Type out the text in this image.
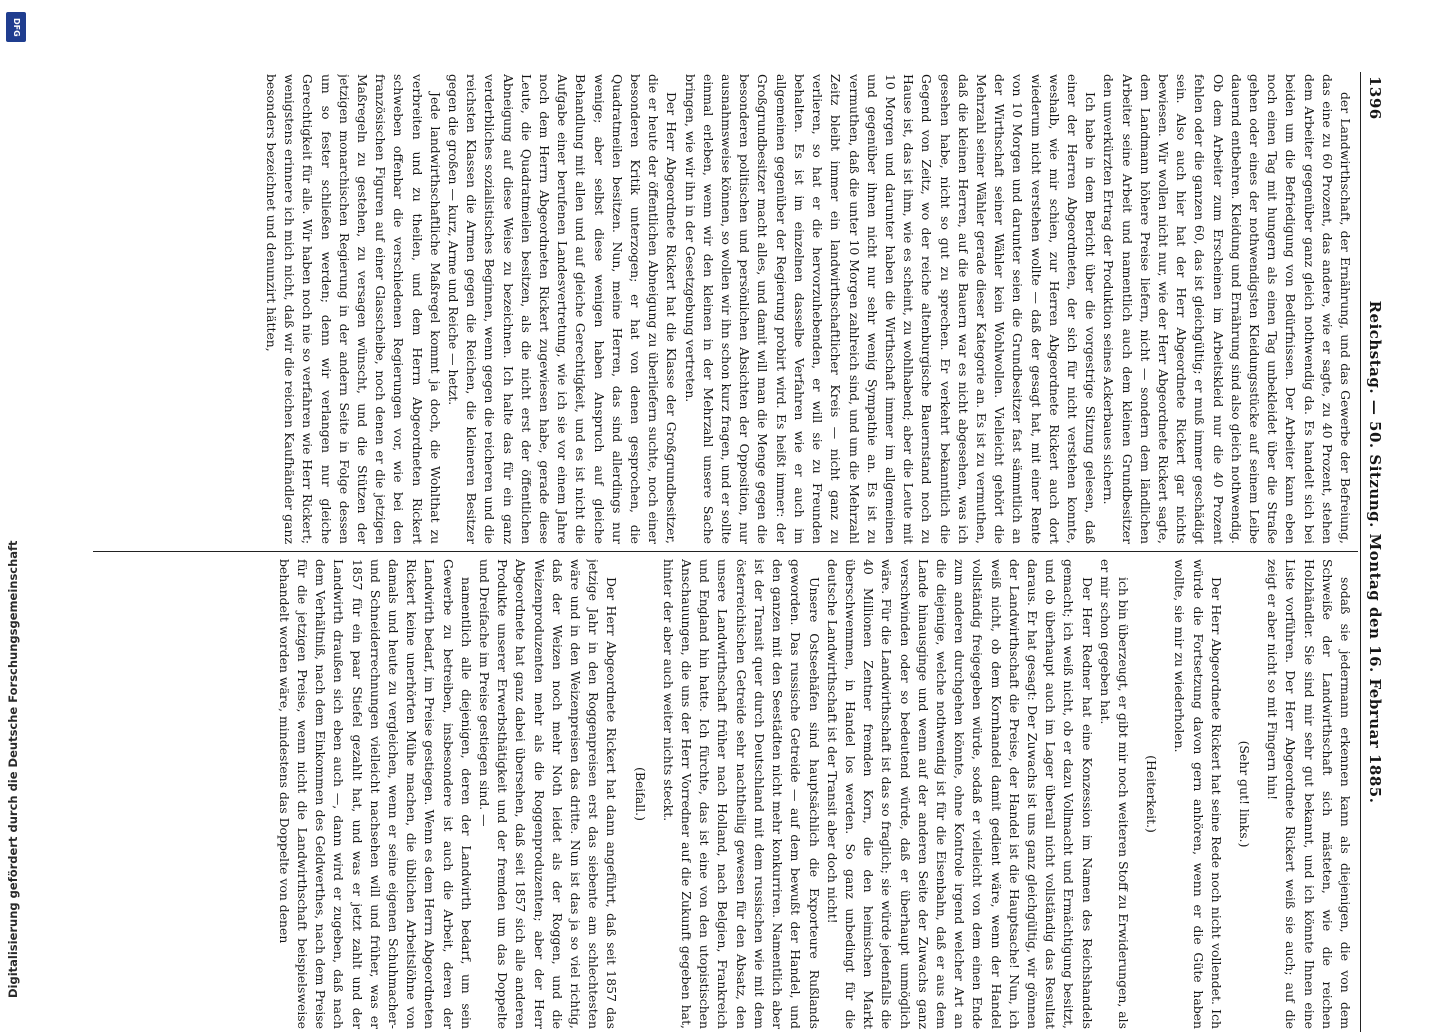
1396
Reichstag. — 50. Sitzung. Montag den 16. Februar 1885.

der Landwirthschaft, der Ernährung, und das Gewerbe der Befreiung, das eine zu 60 Prozent, das andere, wie er sagte, zu 40 Prozent, stehen dem Arbeiter gegenüber ganz gleich nothwendig da. Es handelt sich bei beiden um die Befriedigung von Bedürfnissen. Der Arbeiter kann eben noch einen Tag mit hungern als einen Tag unbekleidet über die Straße gehen oder eines der nothwendigsten Kleidungsstücke auf seinem Leibe dauernd entbehren. Kleidung und Ernährung sind also gleich nothwendig. Ob dem Arbeiter zum Erscheinen im Arbeitskleid nur die 40 Prozent fehlen oder die ganzen 60, das ist gleichgültig; er muß immer geschädigt sein. Also auch hier hat der Herr Abgeordnete Rickert gar nichts bewiesen. Wir wollen nicht nur, wie der Herr Abgeordnete Rickert sagte, dem Landmann höhere Preise liefern, nicht — sondern dem ländlichen Arbeiter seine Arbeit und namentlich auch dem kleinen Grundbesitzer den unverkürzten Ertrag der Produktion seines Ackerbaues sichern.

Ich habe in dem Bericht über die vorgestrige Sitzung gelesen, daß einer der Herren Abgeordneten, der sich für nicht verstehen konnte, weshalb, wie mir schien, zur Herren Abgeordnete Rickert auch dort wiederum nicht verstehen wollte — daß der gesagt hat, mit einer Rente von 10 Morgen und darunter seien die Grundbesitzer fast sämmtlich an der Wirthschaft seiner Wähler kein Wohlwollen. Vielleicht gehört die Mehrzahl seiner Wähler gerade dieser Kategorie an. Es ist zu vermuthen, daß die kleinen Herren, auf die Bauern war es nicht abgesehen, was ich gesehen habe, nicht so gut zu sprechen. Er verkehrt bekanntlich die Gegend von Zeitz, wo der reiche altenburgische Bauernstand noch zu Hause ist, das ist ihm, wie es scheint, zu wohlhabend; aber die Leute mit 10 Morgen und darunter haben die Wirthschaft immer im allgemeinen und gegenüber ihnen nicht nur sehr wenig Sympathie an. Es ist zu vermuthen, daß die unter 10 Morgen zahlreich sind, und um die Mehrzahl Zeitz bleibt immer ein landwirthschaftlicher Kreis — nicht ganz zu verlieren, so hat er die hervorzuhebenden, er will sie zu Freunden behalten. Es ist im einzelnen dasselbe Verfahren wie er auch im allgemeinen gegenüber der Regierung probirt wird. Es heißt immer: der Großgrundbesitzer macht alles, und damit will man die Menge gegen die besonderen politischen und persönlichen Absichten der Opposition, nur ausnahmsweise können, so wollen wir ihn schon kurz fragen, und er sollte einmal erleben, wenn wir den kleinen in der Mehrzahl unsere Sache bringen, wie wir ihn in der Gesetzgebung vertreten.

Der Herr Abgeordnete Rickert hat die Klasse der Großgrundbesitzer, die er heute der öffentlichen Abneigung zu überliefern suchte, noch einer besonderen Kritik unterzogen; er hat von denen gesprochen, die Quadratmeilen besitzen. Nun, meine Herren, das sind allerdings nur wenige; aber selbst diese wenigen haben Anspruch auf gleiche Behandlung mit allen und auf gleiche Gerechtigkeit, und es ist nicht die Aufgabe einer berufenen Landesvertretung, wie ich sie vor einem Jahre noch dem Herrn Abgeordneten Rickert zugewiesen habe, gerade diese Leute, die Quadratmeilen besitzen, als die nicht erst der öffentlichen Abneigung auf diese Weise zu bezeichnen. Ich halte das für ein ganz verderbliches sozialistisches Beginnen, wenn gegen die reicheren und die reichsten Klassen die Armen gegen die Reichen, die kleineren Besitzer gegen die großen — kurz, Arme und Reiche — hetzt.

Jede landwirthschaftliche Maßregel kommt ja doch, die Wohlthat zu verbreiten und zu theilen, und dem Herrn Abgeordneten Rickert schweben offenbar die verschiedenen Regierungen vor, wie bei den französischen Figuren auf einer Glasscheibe, noch denen er die jetzigen Maßregeln zu gestehen, zu versagen wünscht, und die Stützen der jetzigen monarchischen Regierung in der andern Seite in Folge dessen um so fester schließen werden; denn wir verlangen nur gleiche Gerechtigkeit für alle. Wir haben noch nie so verfahren wie Herr Rickert; wenigstens erinnere ich mich nicht, daß wir die reichen Kaufhändler ganz besonders bezeichnet und denunzirt hätten,

sodaß sie jedermann erkennen kann als diejenigen, die von dem Schweiße der Landwirthschaft sich mästeten, wie die reichen Holzhändler. Sie sind mir sehr gut bekannt, und ich könnte Ihnen eine Liste vorführen. Der Herr Abgeordnete Rickert weiß sie auch; auf die zeigt er aber nicht so mit Fingern hin!

(Sehr gut! links.)

Der Herr Abgeordnete Rickert hat seine Rede noch nicht vollendet. Ich würde die Fortsetzung davon gern anhören, wenn er die Güte haben wollte, sie mir zu wiederholen.

(Heiterkeit.)

ich bin überzeugt, er gibt mir noch weiteren Stoff zu Erwiderungen, als er mir schon gegeben hat.

Der Herr Redner hat eine Konzession im Namen des Reichshandels gemacht; ich weiß nicht, ob er dazu Vollmacht und Ermächtigung besitzt, und ob überhaupt auch im Lager überall nicht vollständig das Resultat daraus. Er hat gesagt: Der Zuwachs ist uns ganz gleichgültig, wir gönnen der Landwirthschaft die Preise, der Handel ist die Hauptsache! Nun, ich weiß nicht, ob dem Kornhandel damit gedient wäre, wenn der Handel vollständig freigegeben würde, sodaß er vielleicht von dem einen Ende zum anderen durchgehen könnte, ohne Kontrole irgend welcher Art an die diejenige, welche nothwendig ist für die Eisenbahn, daß er aus dem Lande hinausginge und wenn auf der anderen Seite der Zuwachs ganz verschwinden oder so bedeutend würde, daß er überhaupt unmöglich wäre. Für die Landwirthschaft ist das so fraglich; sie würde jedenfalls die 40 Millionen Zentner fremden Korn, die den heimischen Markt überschwemmen, in Handel los werden. So ganz unbedingt für die deutsche Landwirthschaft ist der Transit aber doch nicht!

Unsere Ostseehäfen sind hauptsächlich die Exporteure Rußlands geworden. Das russische Getreide — auf dem bewußt der Handel, und den ganzen mit den Seestädten nicht mehr konkurriren. Namentlich aber ist der Transit quer durch Deutschland mit dem russischen wie mit dem österreichischen Getreide sehr nachtheilig gewesen für den Absatz, den unsere Landwirthschaft früher nach Holland, nach Belgien, Frankreich und England hin hatte. Ich fürchte, das ist eine von den utopistischen Anschauungen, die uns der Herr Vorredner auf die Zukunft gegeben hat, hinter der aber auch weiter nichts steckt.

(Beifall.)

Der Herr Abgeordnete Rickert hat dann angeführt, daß seit 1857 das jetzige Jahr in den Roggenpreisen erst das siebente am schlechtesten wäre und in den Weizenpreisen das dritte. Nun ist das ja so viel richtig, daß der Weizen noch mehr Noth leidet als der Roggen, und die Weizenproduzenten mehr als die Roggenproduzenten; aber der Herr Abgeordnete hat ganz dabei übersehen, daß seit 1857 sich alle anderen Produkte unserer Erwerbsthätigkeit und der fremden um das Doppelte und Dreifache im Preise gestiegen sind. —

namentlich alle diejenigen, deren der Landwirth bedarf, um sein Gewerbe zu betreiben, insbesondere ist auch die Arbeit, deren der Landwirth bedarf, im Preise gestiegen. Wenn es dem Herrn Abgeordneten Rickert keine unerhörten Mühe machen, die üblichen Arbeitslöhne von damals und heute zu vergleichen, wenn er seine eigenen Schuhmacher- und Schneiderrechnungen vielleicht nachsehen will und früher, was er 1857 für ein paar Stiefel gezahlt hat, und was er jetzt zahlt und der Landwirth draußen sich eben auch —, dann wird er zugeben, daß nach dem Verhältniß, nach dem Einkommen des Geldwerthes, nach dem Preise für die jetzigen Preise, wenn nicht die Landwirthschaft beispielsweise behandelt worden wäre, mindestens das Doppelte von denen

DFG
Digitalisierung gefördert durch die Deutsche Forschungsgemeinschaft
